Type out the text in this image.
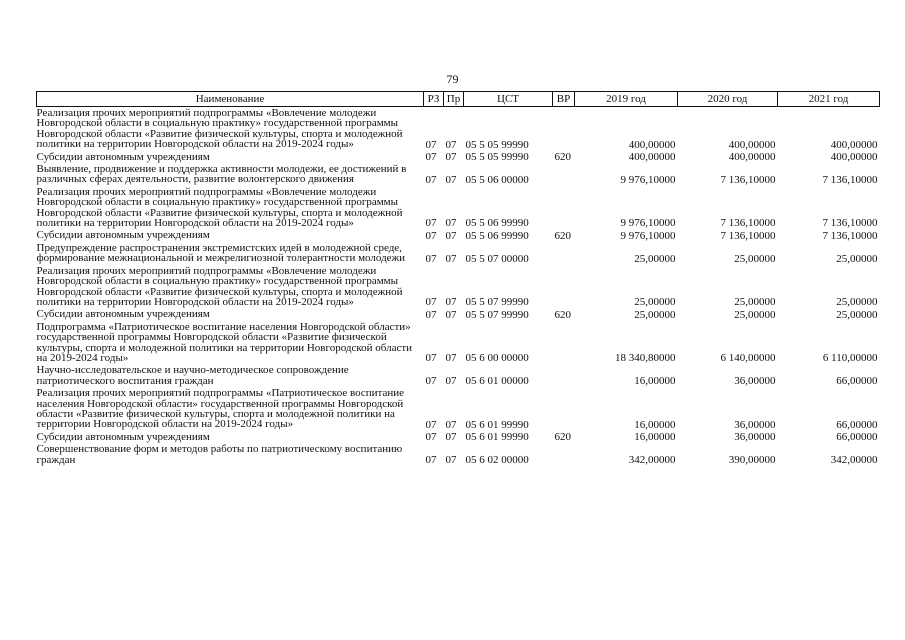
79
Наименование	РЗ	Пр	ЦСТ	ВР	2019 год	2020 год	2021 год
Реализация прочих мероприятий подпрограммы «Вовлечение молодежи Новгородской области в социальную практику» государственной программы Новгородской области «Развитие физической культуры, спорта и молодежной политики на территории Новгородской области на 2019-2024 годы»	07	07	05 5 05 99990		400,00000	400,00000	400,00000
Субсидии автономным учреждениям	07	07	05 5 05 99990	620	400,00000	400,00000	400,00000
Выявление, продвижение и поддержка активности молодежи, ее достижений в различных сферах деятельности, развитие волонтерского движения	07	07	05 5 06 00000		9 976,10000	7 136,10000	7 136,10000
Реализация прочих мероприятий подпрограммы «Вовлечение молодежи Новгородской области в социальную практику» государственной программы Новгородской области «Развитие физической культуры, спорта и молодежной политики на территории Новгородской области на 2019-2024 годы»	07	07	05 5 06 99990		9 976,10000	7 136,10000	7 136,10000
Субсидии автономным учреждениям	07	07	05 5 06 99990	620	9 976,10000	7 136,10000	7 136,10000
Предупреждение распространения экстремистских идей в молодежной среде, формирование межнациональной и межрелигиозной толерантности молодежи	07	07	05 5 07 00000		25,00000	25,00000	25,00000
Реализация прочих мероприятий подпрограммы «Вовлечение молодежи Новгородской области в социальную практику» государственной программы Новгородской области «Развитие физической культуры, спорта и молодежной политики на территории Новгородской области на 2019-2024 годы»	07	07	05 5 07 99990		25,00000	25,00000	25,00000
Субсидии автономным учреждениям	07	07	05 5 07 99990	620	25,00000	25,00000	25,00000
Подпрограмма «Патриотическое воспитание населения Новгородской области» государственной программы Новгородской области «Развитие физической культуры, спорта и молодежной политики на территории Новгородской области на 2019-2024 годы»	07	07	05 6 00 00000		18 340,80000	6 140,00000	6 110,00000
Научно-исследовательское и научно-методическое сопровождение патриотического воспитания граждан	07	07	05 6 01 00000		16,00000	36,00000	66,00000
Реализация прочих мероприятий подпрограммы «Патриотическое воспитание населения Новгородской области» государственной программы Новгородской области «Развитие физической культуры, спорта и молодежной политики на территории Новгородской области на 2019-2024 годы»	07	07	05 6 01 99990		16,00000	36,00000	66,00000
Субсидии автономным учреждениям	07	07	05 6 01 99990	620	16,00000	36,00000	66,00000
Совершенствование форм и методов работы по патриотическому воспитанию граждан	07	07	05 6 02 00000		342,00000	390,00000	342,00000
